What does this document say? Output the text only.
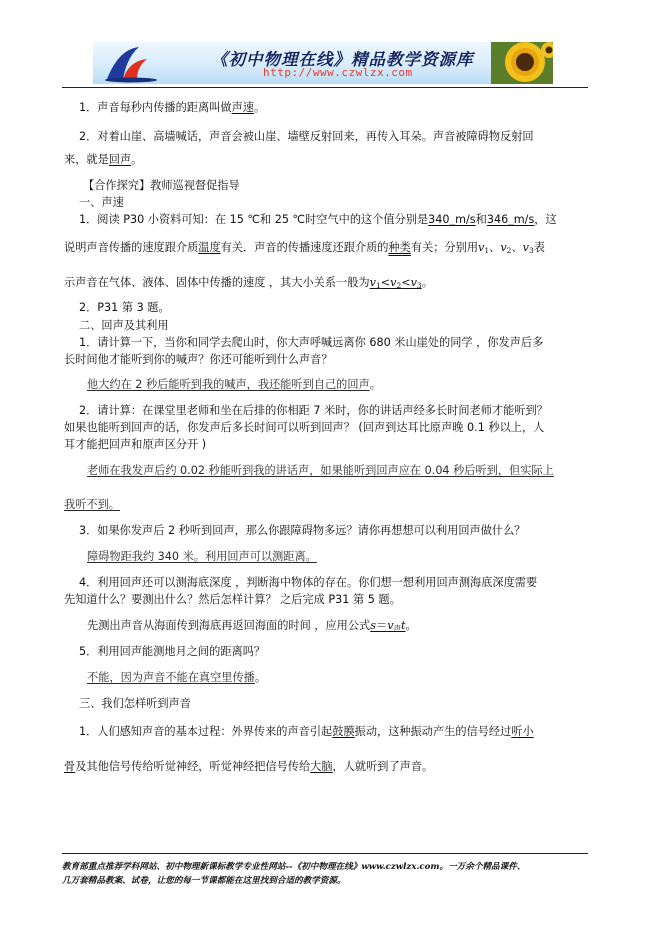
《初中物理在线》精品教学资源库
http://www.czwlzx.com
1．声音每秒内传播的距离叫做声速。
2．对着山崖、高墙喊话，声音会被山崖、墙壁反射回来，再传入耳朵。声音被障碍物反射回
来，就是回声。
【合作探究】教师巡视督促指导
一、声速
1．阅读 P30 小资料可知：在 15 ℃和 25 ℃时空气中的这个值分别是340_m/s和346_m/s，这
说明声音传播的速度跟介质温度有关．声音的传播速度还跟介质的种类有关；分别用$v_1$、$v_2$、$v_3$表
示声音在气体、液体、固体中传播的速度 ，其大小关系一般为$v_1<v_2<v_3$。
2．P31 第 3 题。
二、回声及其利用
1．请计算一下，当你和同学去爬山时，你大声呼喊远离你 680 米山崖处的同学 ，你发声后多
长时间他才能听到你的喊声？你还可能听到什么声音？
他大约在 2 秒后能听到我的喊声，我还能听到自己的回声。
2．请计算：在课堂里老师和坐在后排的你相距 7 米时，你的讲话声经多长时间老师才能听到？
如果也能听到回声的话，你发声后多长时间可以听到回声？ (回声到达耳比原声晚 0.1 秒以上，人
耳才能把回声和原声区分开 )
老师在我发声后约 0.02 秒能听到我的讲话声，如果能听到回声应在 0.04 秒后听到，但实际上
我听不到。
3．如果你发声后 2 秒听到回声，那么你跟障碍物多远？请你再想想可以利用回声做什么？
障碍物距我约 340 米。利用回声可以测距离。
4．利用回声还可以测海底深度 ，判断海中物体的存在。你们想一想利用回声测海底深度需要
先知道什么？要测出什么？然后怎样计算？ 之后完成 P31 第 5 题。
先测出声音从海面传到海底再返回海面的时间 ，应用公式$s=v_声t$。
5．利用回声能测地月之间的距离吗？
不能，因为声音不能在真空里传播。
三、我们怎样听到声音
1．人们感知声音的基本过程：外界传来的声音引起鼓膜振动，这种振动产生的信号经过听小
骨及其他信号传给听觉神经，听觉神经把信号传给大脑，人就听到了声音。
教育部重点推荐学科网站、初中物理新课标教学专业性网站--《初中物理在线》www.czwlzx.com。一万余个精品课件、
几万套精品教案、试卷，让您的每一节课都能在这里找到合适的教学资源。
